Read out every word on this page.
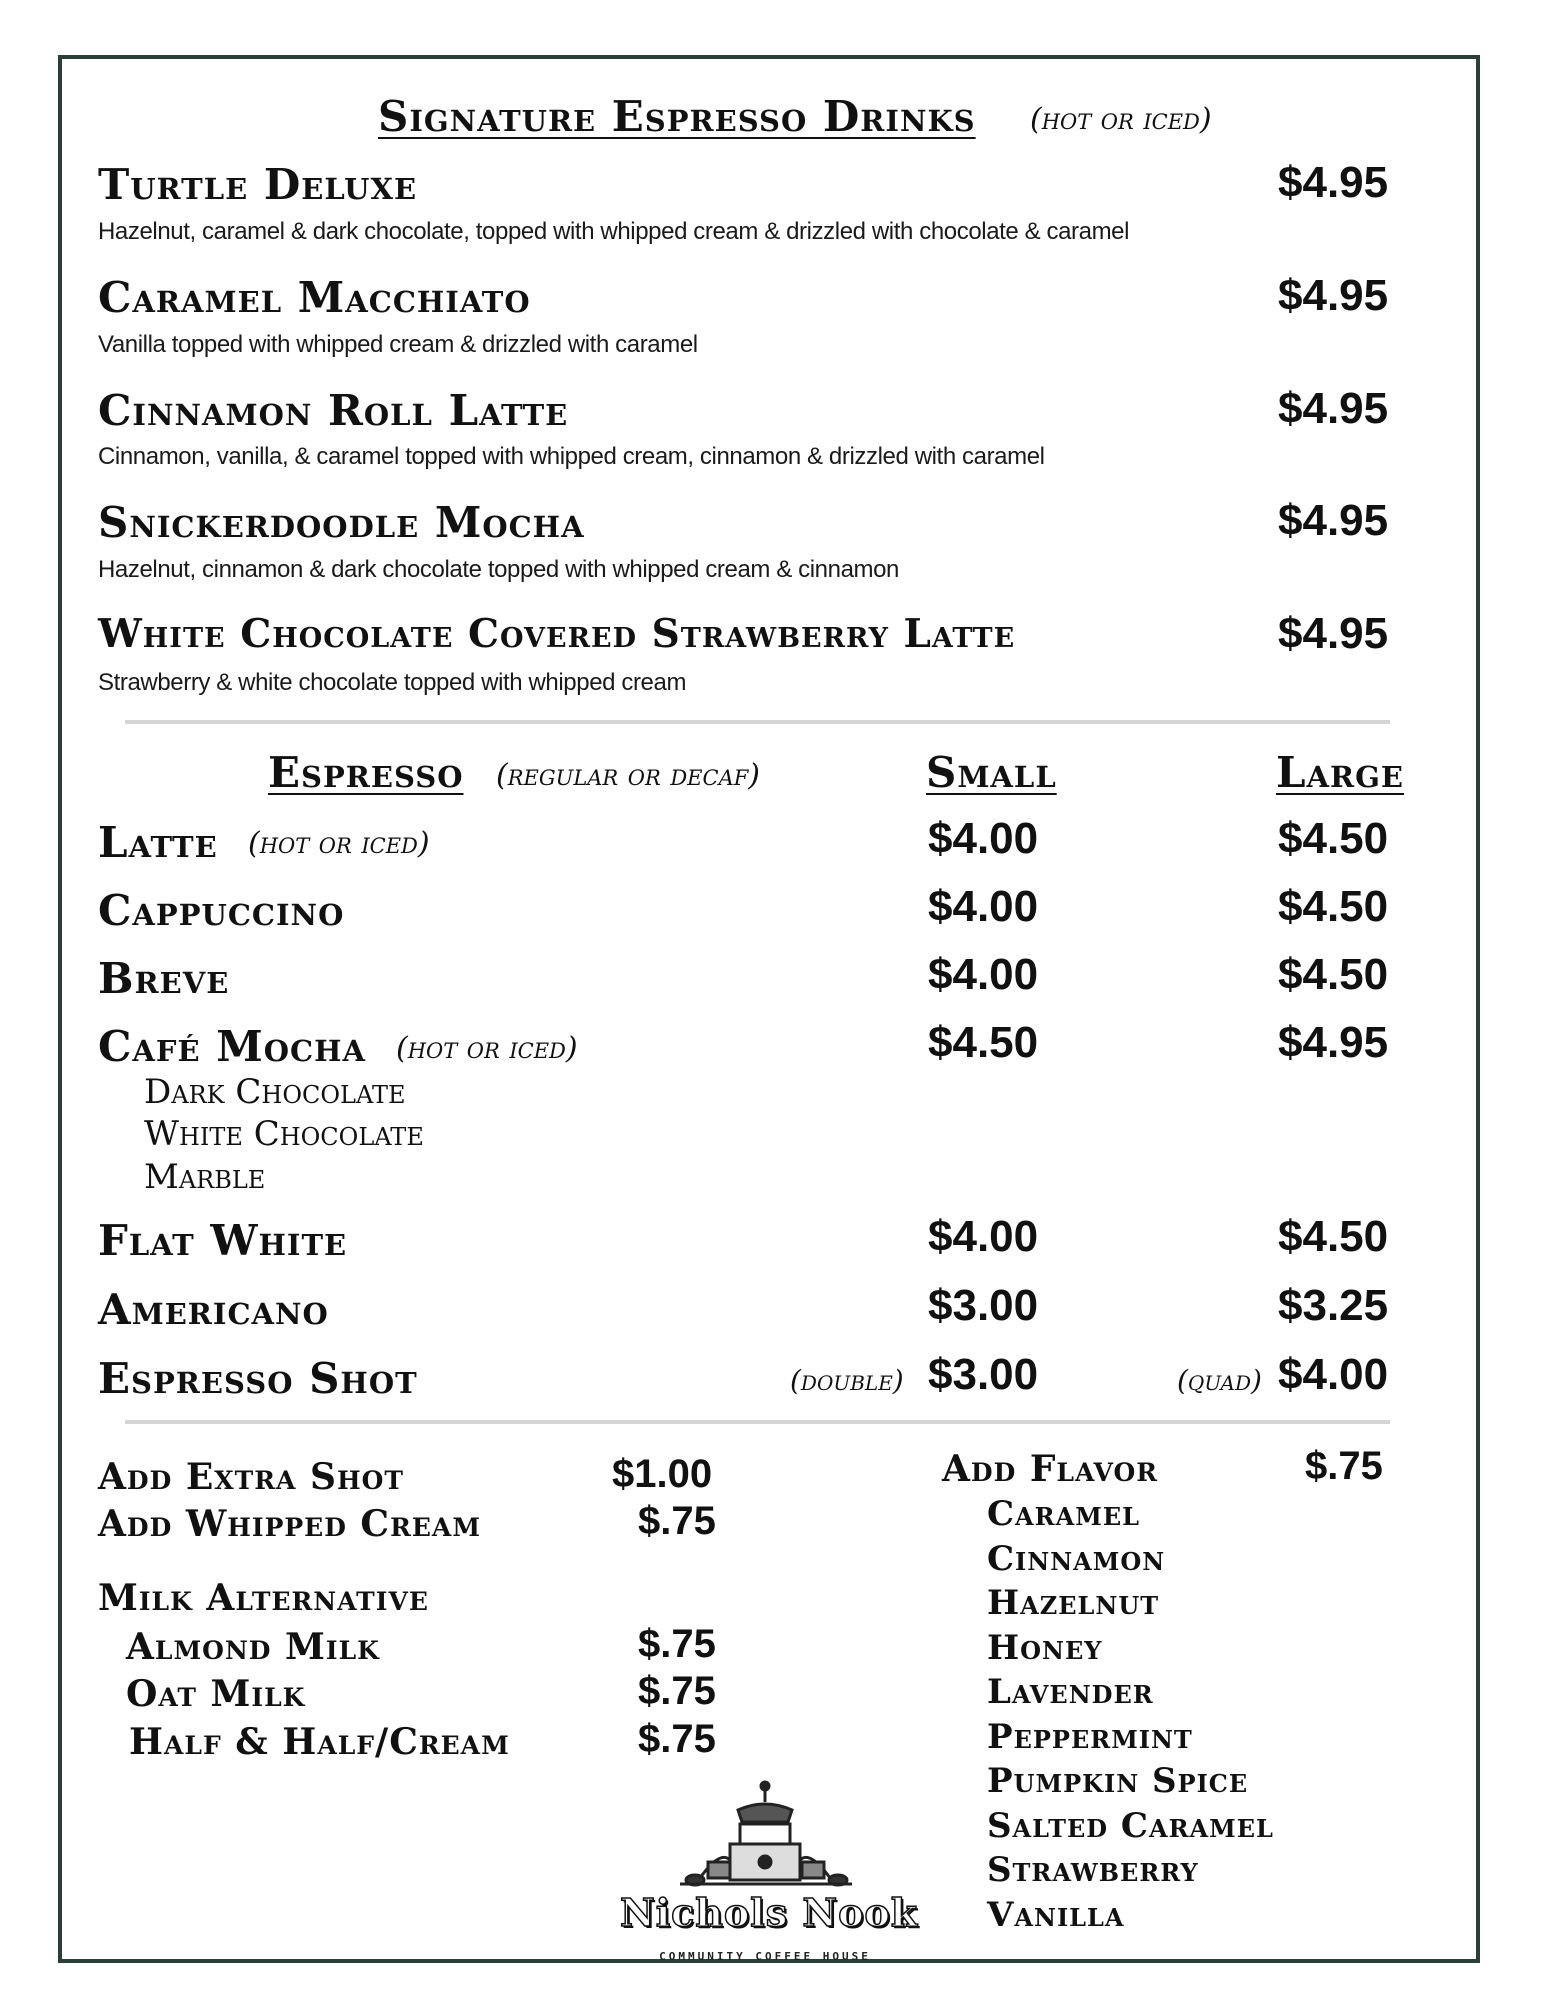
Signature Espresso Drinks (hot or iced)
Turtle Deluxe	$4.95
Hazelnut, caramel & dark chocolate, topped with whipped cream & drizzled with chocolate & caramel
Caramel Macchiato	$4.95
Vanilla topped with whipped cream & drizzled with caramel
Cinnamon Roll Latte	$4.95
Cinnamon, vanilla, & caramel topped with whipped cream, cinnamon & drizzled with caramel
Snickerdoodle Mocha	$4.95
Hazelnut, cinnamon & dark chocolate topped with whipped cream & cinnamon
White Chocolate Covered Strawberry Latte	$4.95
Strawberry & white chocolate topped with whipped cream
Espresso (regular or decaf)	Small	Large
Latte (hot or iced)	$4.00	$4.50
Cappuccino	$4.00	$4.50
Breve	$4.00	$4.50
Café Mocha (hot or iced)	$4.50	$4.95
Dark Chocolate
White Chocolate
Marble
Flat White	$4.00	$4.50
Americano	$3.00	$3.25
Espresso Shot	(double) $3.00	(quad) $4.00
Add Extra Shot	$1.00
Add Whipped Cream	$.75
Milk Alternative
Almond Milk	$.75
Oat Milk	$.75
Half & Half/Cream	$.75
Add Flavor	$.75
Caramel
Cinnamon
Hazelnut
Honey
Lavender
Peppermint
Pumpkin Spice
Salted Caramel
Strawberry
Vanilla
Nichols Nook
COMMUNITY COFFEE HOUSE
